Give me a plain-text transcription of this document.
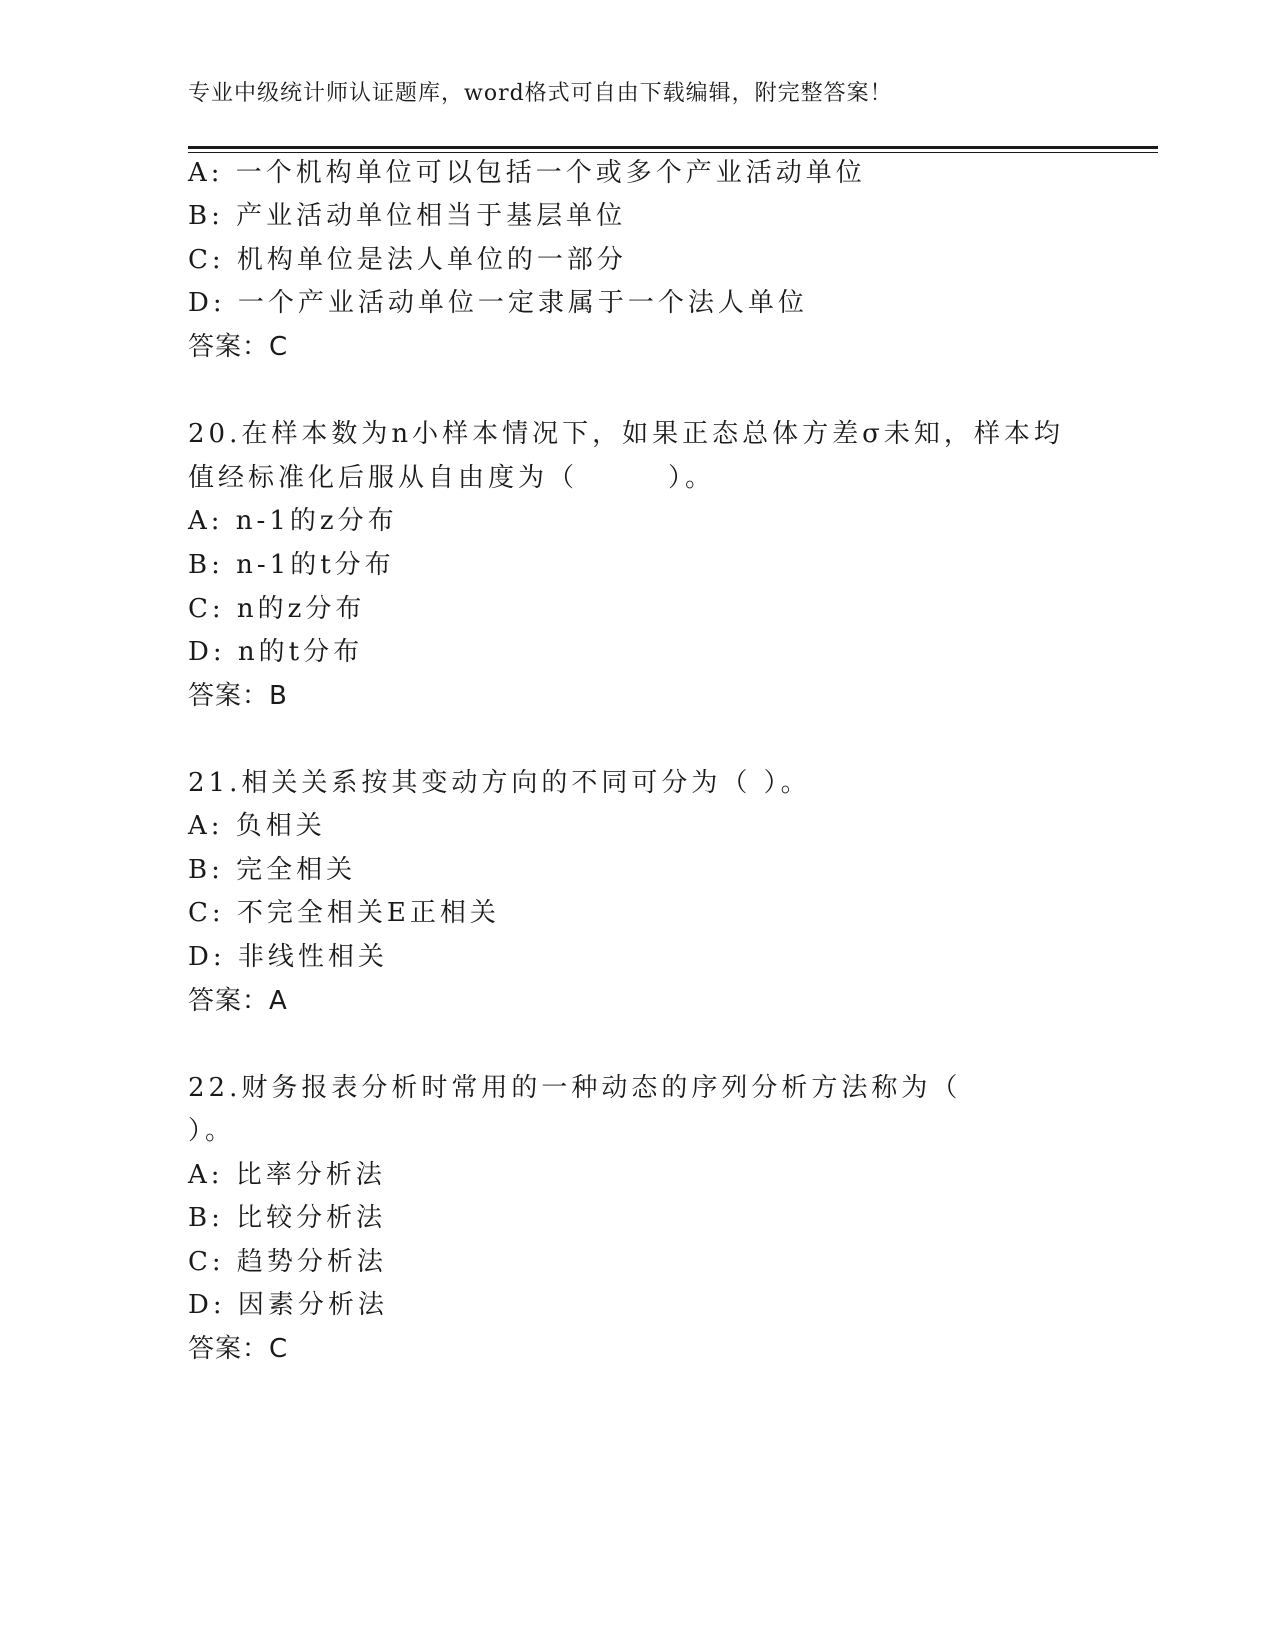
专业中级统计师认证题库，word格式可自由下载编辑，附完整答案！
A: 一个机构单位可以包括一个或多个产业活动单位
B: 产业活动单位相当于基层单位
C: 机构单位是法人单位的一部分
D: 一个产业活动单位一定隶属于一个法人单位
答案：C
20.在样本数为n小样本情况下，如果正态总体方差σ未知，样本均
值经标准化后服从自由度为（　　　）。
A: n-1的z分布
B: n-1的t分布
C: n的z分布
D: n的t分布
答案：B
21.相关关系按其变动方向的不同可分为（ ）。
A: 负相关
B: 完全相关
C: 不完全相关E正相关
D: 非线性相关
答案：A
22.财务报表分析时常用的一种动态的序列分析方法称为（
）。
A: 比率分析法
B: 比较分析法
C: 趋势分析法
D: 因素分析法
答案：C
